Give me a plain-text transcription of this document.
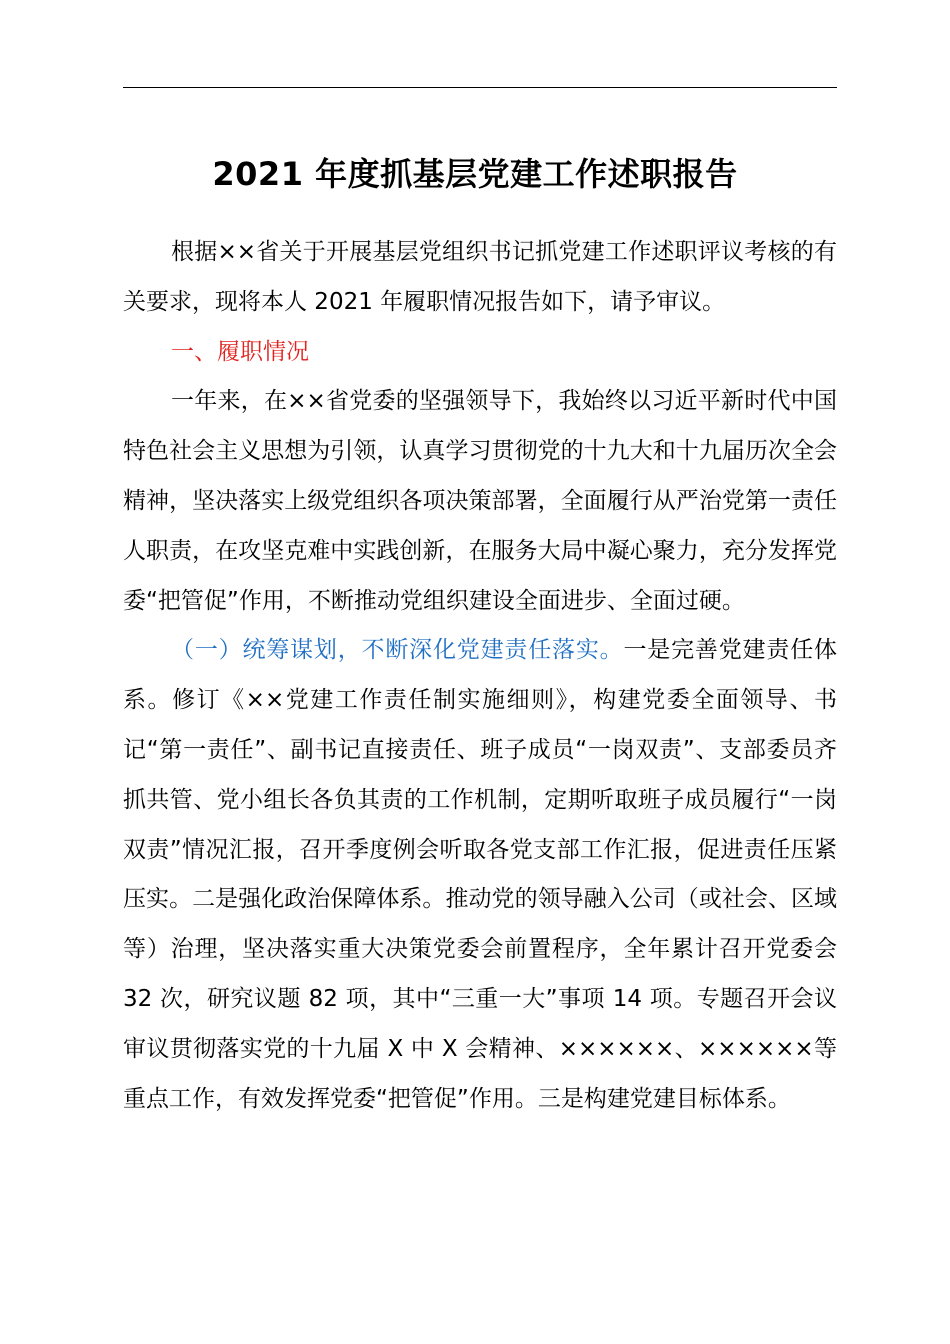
2021 年度抓基层党建工作述职报告

根据××省关于开展基层党组织书记抓党建工作述职评议考核的有关要求，现将本人 2021 年履职情况报告如下，请予审议。

一、履职情况

一年来，在××省党委的坚强领导下，我始终以习近平新时代中国特色社会主义思想为引领，认真学习贯彻党的十九大和十九届历次全会精神，坚决落实上级党组织各项决策部署，全面履行从严治党第一责任人职责，在攻坚克难中实践创新，在服务大局中凝心聚力，充分发挥党委“把管促”作用，不断推动党组织建设全面进步、全面过硬。

（一）统筹谋划，不断深化党建责任落实。一是完善党建责任体系。修订《××党建工作责任制实施细则》，构建党委全面领导、书记“第一责任”、副书记直接责任、班子成员“一岗双责”、支部委员齐抓共管、党小组长各负其责的工作机制，定期听取班子成员履行“一岗双责”情况汇报，召开季度例会听取各党支部工作汇报，促进责任压紧压实。二是强化政治保障体系。推动党的领导融入公司（或社会、区域等）治理，坚决落实重大决策党委会前置程序，全年累计召开党委会 32 次，研究议题 82 项，其中“三重一大”事项 14 项。专题召开会议审议贯彻落实党的十九届 X 中 X 会精神、××××××、××××××等重点工作，有效发挥党委“把管促”作用。三是构建党建目标体系。
